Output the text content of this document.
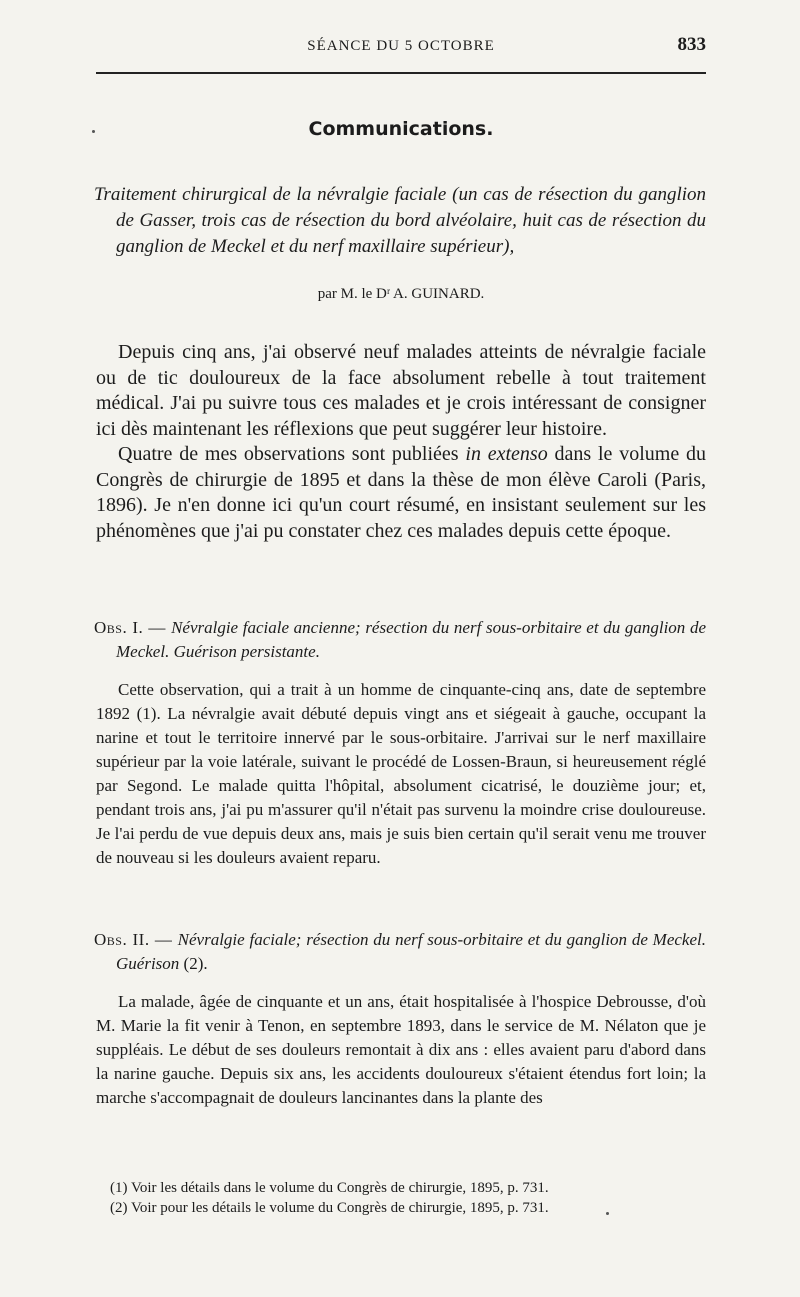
SÉANCE DU 5 OCTOBRE	833
Communications.

Traitement chirurgical de la névralgie faciale (un cas de résection du ganglion de Gasser, trois cas de résection du bord alvéolaire, huit cas de résection du ganglion de Meckel et du nerf maxillaire supérieur),

par M. le Dʳ A. GUINARD.

Depuis cinq ans, j'ai observé neuf malades atteints de névralgie faciale ou de tic douloureux de la face absolument rebelle à tout traitement médical. J'ai pu suivre tous ces malades et je crois intéressant de consigner ici dès maintenant les réflexions que peut suggérer leur histoire.

Quatre de mes observations sont publiées in extenso dans le volume du Congrès de chirurgie de 1895 et dans la thèse de mon élève Caroli (Paris, 1896). Je n'en donne ici qu'un court résumé, en insistant seulement sur les phénomènes que j'ai pu constater chez ces malades depuis cette époque.

Obs. I. — Névralgie faciale ancienne; résection du nerf sous-orbitaire et du ganglion de Meckel. Guérison persistante.

Cette observation, qui a trait à un homme de cinquante-cinq ans, date de septembre 1892 (1). La névralgie avait débuté depuis vingt ans et siégeait à gauche, occupant la narine et tout le territoire innervé par le sous-orbitaire. J'arrivai sur le nerf maxillaire supérieur par la voie latérale, suivant le procédé de Lossen-Braun, si heureusement réglé par Segond. Le malade quitta l'hôpital, absolument cicatrisé, le douzième jour; et, pendant trois ans, j'ai pu m'assurer qu'il n'était pas survenu la moindre crise douloureuse. Je l'ai perdu de vue depuis deux ans, mais je suis bien certain qu'il serait venu me trouver de nouveau si les douleurs avaient reparu.

Obs. II. — Névralgie faciale; résection du nerf sous-orbitaire et du ganglion de Meckel. Guérison (2).

La malade, âgée de cinquante et un ans, était hospitalisée à l'hospice Debrousse, d'où M. Marie la fit venir à Tenon, en septembre 1893, dans le service de M. Nélaton que je suppléais. Le début de ses douleurs remontait à dix ans : elles avaient paru d'abord dans la narine gauche. Depuis six ans, les accidents douloureux s'étaient étendus fort loin; la marche s'accompagnait de douleurs lancinantes dans la plante des

(1) Voir les détails dans le volume du Congrès de chirurgie, 1895, p. 731.
(2) Voir pour les détails le volume du Congrès de chirurgie, 1895, p. 731.
